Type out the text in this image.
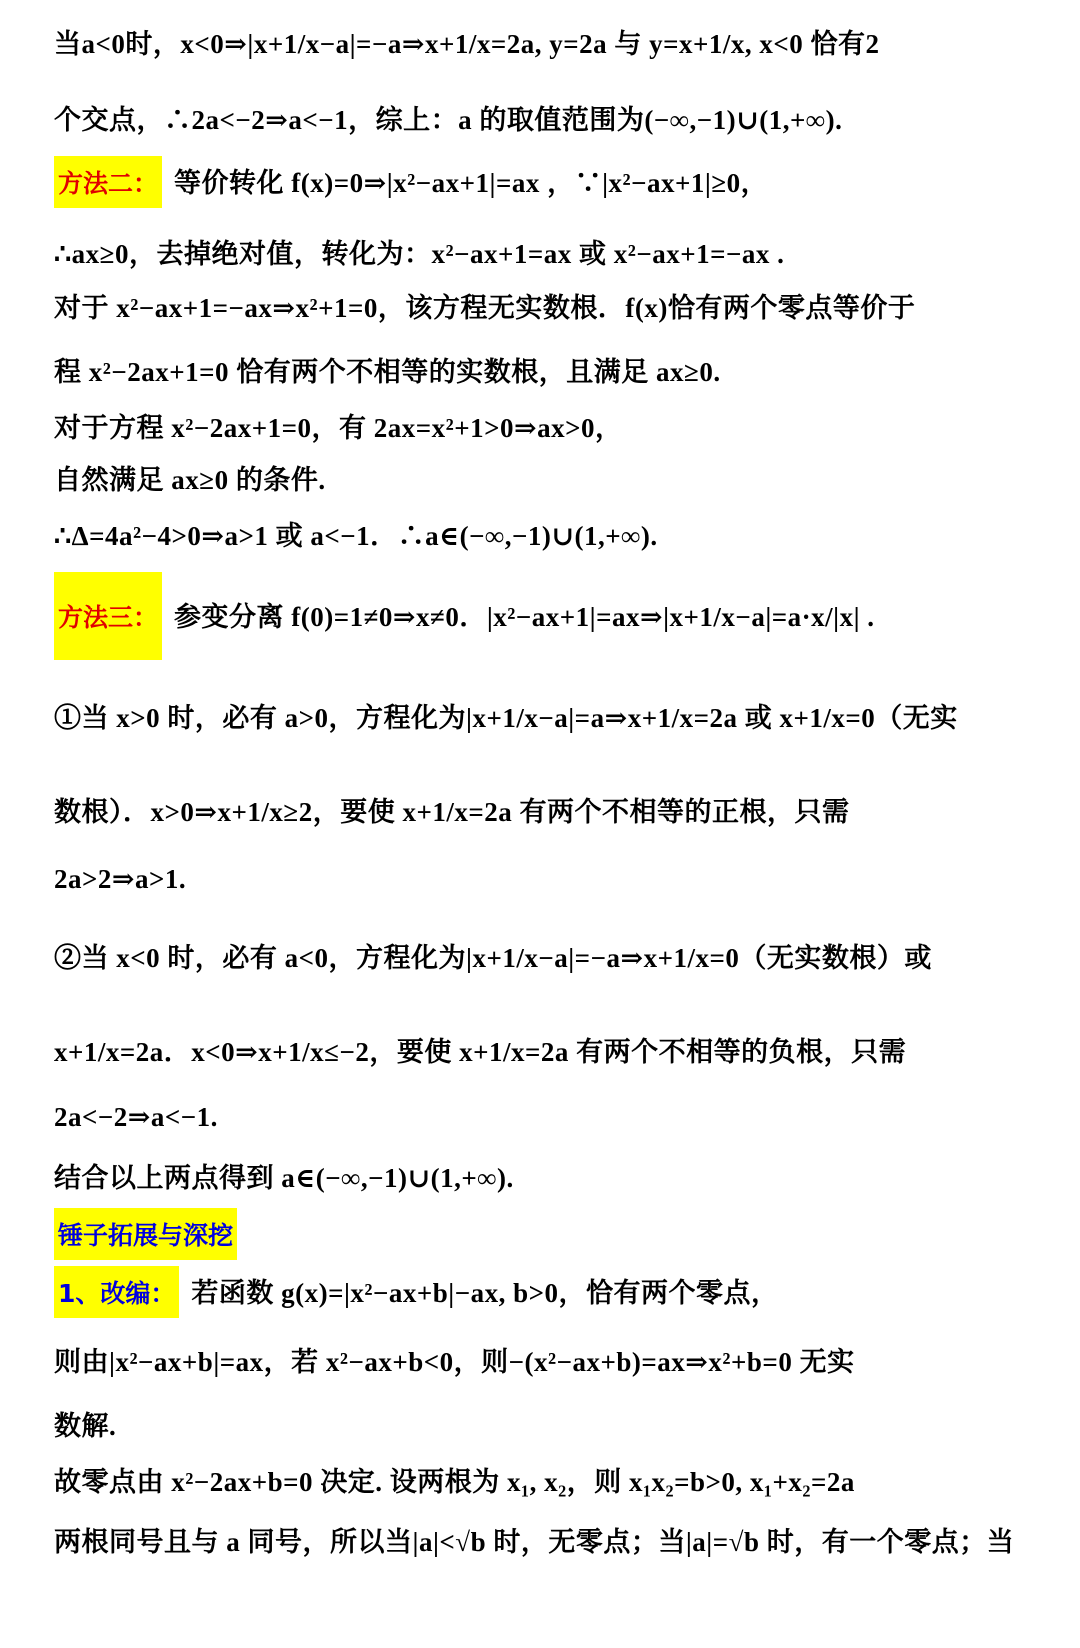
当a<0时，x<0⇒|x+1/x−a|=−a⇒x+1/x=2a, y=2a 与 y=x+1/x, x<0 恰有2
个交点，∴2a<−2⇒a<−1，综上：a 的取值范围为(−∞,−1)∪(1,+∞).
方法二： 等价转化 f(x)=0⇒|x²−ax+1|=ax ，∵|x²−ax+1|≥0，
∴ax≥0，去掉绝对值，转化为：x²−ax+1=ax 或 x²−ax+1=−ax .
对于 x²−ax+1=−ax⇒x²+1=0，该方程无实数根．f(x)恰有两个零点等价于
程 x²−2ax+1=0 恰有两个不相等的实数根，且满足 ax≥0.
对于方程 x²−2ax+1=0，有 2ax=x²+1>0⇒ax>0，
自然满足 ax≥0 的条件.
∴Δ=4a²−4>0⇒a>1 或 a<−1．∴a∈(−∞,−1)∪(1,+∞).
方法三： 参变分离 f(0)=1≠0⇒x≠0．|x²−ax+1|=ax⇒|x+1/x−a|=a·x/|x| .
①当 x>0 时，必有 a>0，方程化为|x+1/x−a|=a⇒x+1/x=2a 或 x+1/x=0（无实
数根）．x>0⇒x+1/x≥2，要使 x+1/x=2a 有两个不相等的正根，只需
2a>2⇒a>1.
②当 x<0 时，必有 a<0，方程化为|x+1/x−a|=−a⇒x+1/x=0（无实数根）或
x+1/x=2a．x<0⇒x+1/x≤−2，要使 x+1/x=2a 有两个不相等的负根，只需
2a<−2⇒a<−1.
结合以上两点得到 a∈(−∞,−1)∪(1,+∞).
锤子拓展与深挖
1、改编： 若函数 g(x)=|x²−ax+b|−ax, b>0，恰有两个零点，
则由|x²−ax+b|=ax，若 x²−ax+b<0，则−(x²−ax+b)=ax⇒x²+b=0 无实
数解.
故零点由 x²−2ax+b=0 决定. 设两根为 x₁, x₂，则 x₁x₂=b>0, x₁+x₂=2a
两根同号且与 a 同号，所以当|a|<√b 时，无零点；当|a|=√b 时，有一个零点；当
